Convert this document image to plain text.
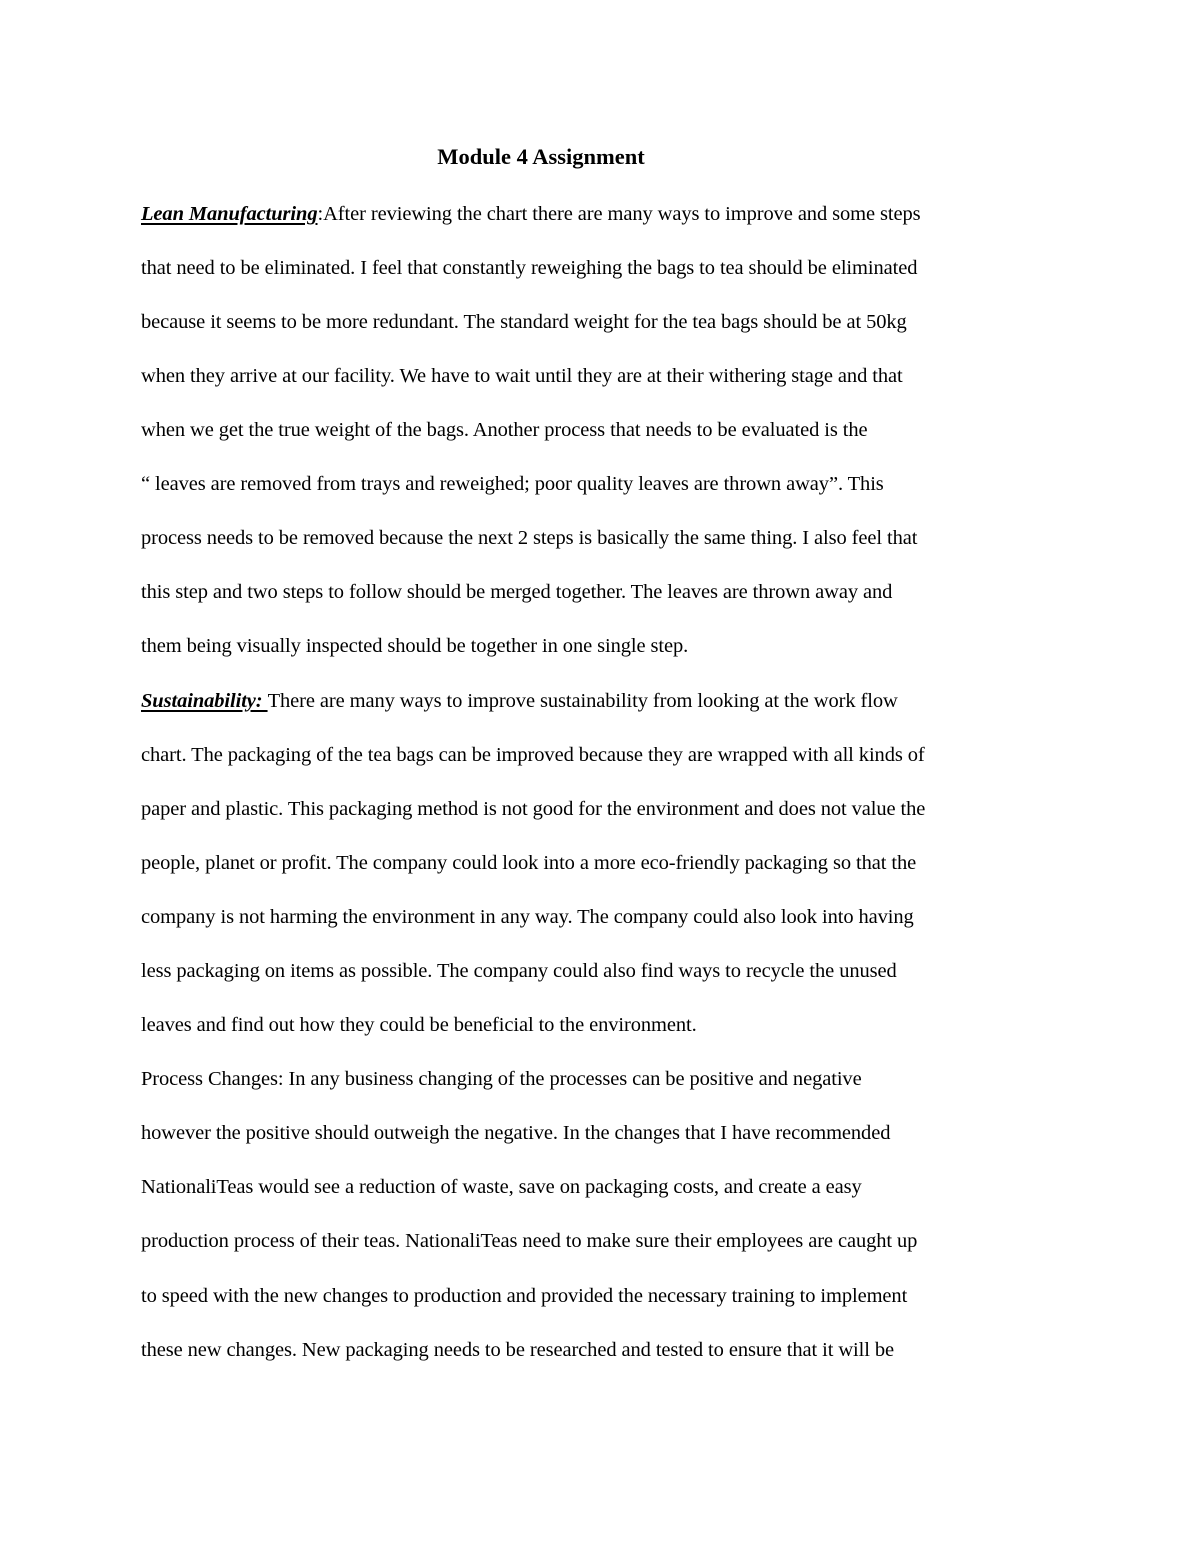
Module 4 Assignment
Lean Manufacturing:After reviewing the chart there are many ways to improve and some steps
that need to be eliminated. I feel that constantly reweighing the bags to tea should be eliminated
because it seems to be more redundant. The standard weight for the tea bags should be at 50kg
when they arrive at our facility. We have to wait until they are at their withering stage and that
when we get the true weight of the bags. Another process that needs to be evaluated is the
“ leaves are removed from trays and reweighed; poor quality leaves are thrown away”. This
process needs to be removed because the next 2 steps is basically the same thing. I also feel that
this step and two steps to follow should be merged together. The leaves are thrown away and
them being visually inspected should be together in one single step.
Sustainability: There are many ways to improve sustainability from looking at the work flow
chart. The packaging of the tea bags can be improved because they are wrapped with all kinds of
paper and plastic. This packaging method is not good for the environment and does not value the
people, planet or profit. The company could look into a more eco-friendly packaging so that the
company is not harming the environment in any way. The company could also look into having
less packaging on items as possible. The company could also find ways to recycle the unused
leaves and find out how they could be beneficial to the environment.
Process Changes: In any business changing of the processes can be positive and negative
however the positive should outweigh the negative. In the changes that I have recommended
NationaliTeas would see a reduction of waste, save on packaging costs, and create a easy
production process of their teas. NationaliTeas need to make sure their employees are caught up
to speed with the new changes to production and provided the necessary training to implement
these new changes. New packaging needs to be researched and tested to ensure that it will be
